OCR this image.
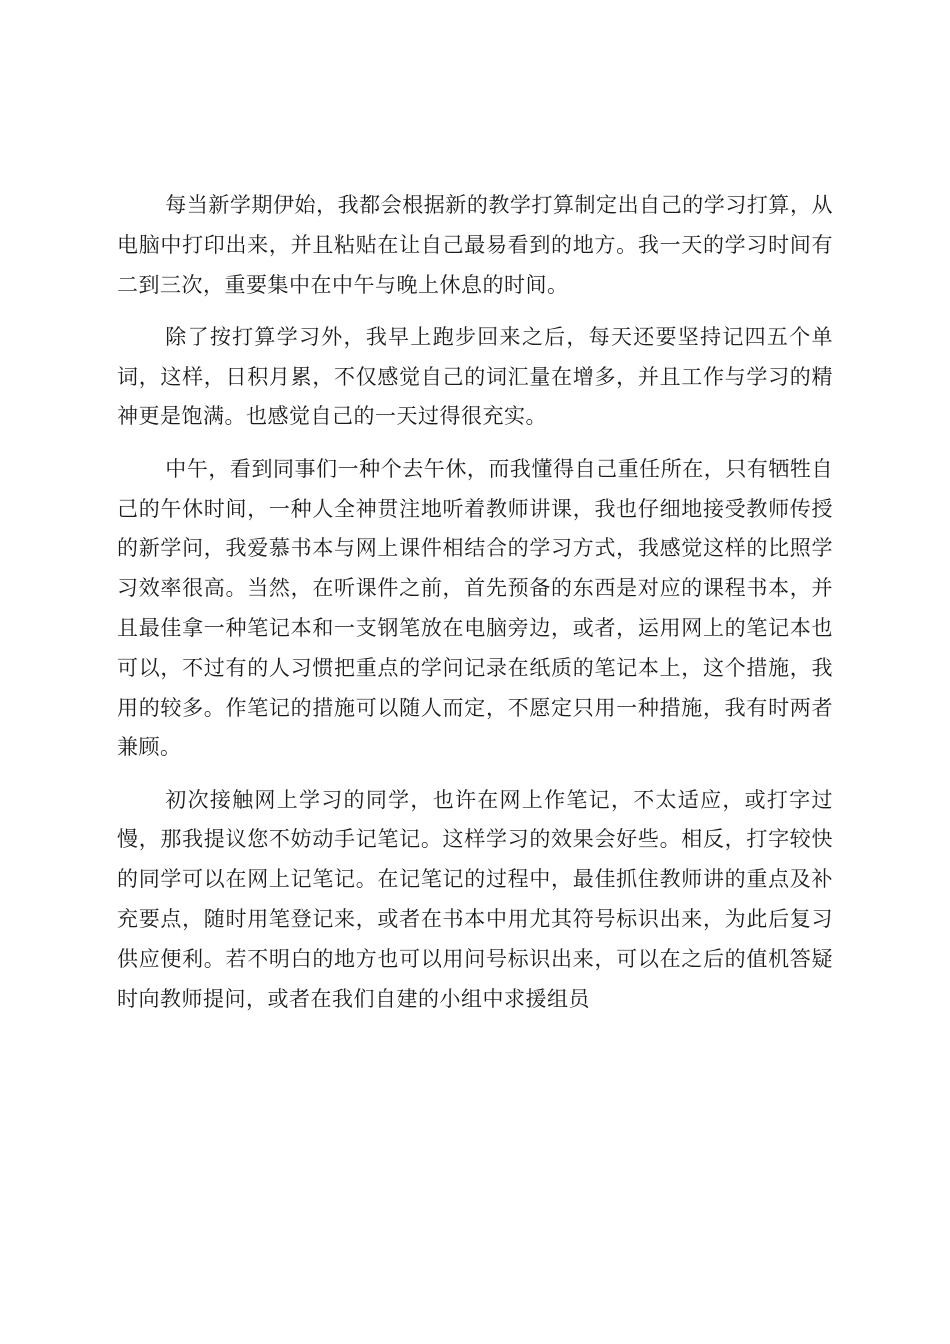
每当新学期伊始，我都会根据新的教学打算制定出自己的学习打算，从电脑中打印出来，并且粘贴在让自己最易看到的地方。我一天的学习时间有二到三次，重要集中在中午与晚上休息的时间。

除了按打算学习外，我早上跑步回来之后，每天还要坚持记四五个单词，这样，日积月累，不仅感觉自己的词汇量在增多，并且工作与学习的精神更是饱满。也感觉自己的一天过得很充实。

中午，看到同事们一种个去午休，而我懂得自己重任所在，只有牺牲自己的午休时间，一种人全神贯注地听着教师讲课，我也仔细地接受教师传授的新学问，我爱慕书本与网上课件相结合的学习方式，我感觉这样的比照学习效率很高。当然，在听课件之前，首先预备的东西是对应的课程书本，并且最佳拿一种笔记本和一支钢笔放在电脑旁边，或者，运用网上的笔记本也可以，不过有的人习惯把重点的学问记录在纸质的笔记本上，这个措施，我用的较多。作笔记的措施可以随人而定，不愿定只用一种措施，我有时两者兼顾。

初次接触网上学习的同学，也许在网上作笔记，不太适应，或打字过慢，那我提议您不妨动手记笔记。这样学习的效果会好些。相反，打字较快的同学可以在网上记笔记。在记笔记的过程中，最佳抓住教师讲的重点及补充要点，随时用笔登记来，或者在书本中用尤其符号标识出来，为此后复习供应便利。若不明白的地方也可以用问号标识出来，可以在之后的值机答疑时向教师提问，或者在我们自建的小组中求援组员
